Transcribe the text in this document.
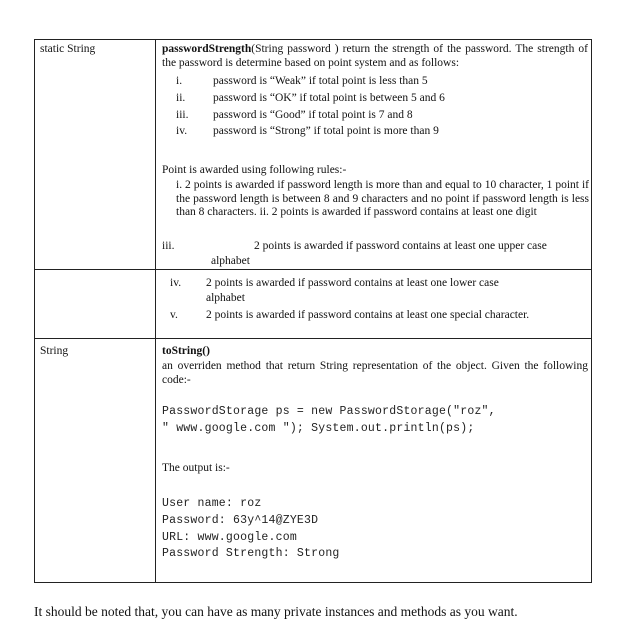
static String	passwordStrength(String password ) return the strength of the password. The strength of the password is determine based on point system and as follows:
i.	password is “Weak” if total point is less than 5
ii.	password is “OK” if total point is between 5 and 6
iii.	password is “Good” if total point is 7 and 8
iv.	password is “Strong” if total point is more than 9
Point is awarded using following rules:-
i. 2 points is awarded if password length is more than and equal to 10 character, 1 point if the password length is between 8 and 9 characters and no point if password length is less than 8 characters. ii. 2 points is awarded if password contains at least one digit
iii.	2 points is awarded if password contains at least one upper case
alphabet
iv.	2 points is awarded if password contains at least one lower case
alphabet
v.	2 points is awarded if password contains at least one special character.
String	toString()
an overriden method that return String representation of the object. Given the following code:-
PasswordStorage ps = new PasswordStorage("roz",
" www.google.com "); System.out.println(ps);
The output is:-
User name: roz
Password: 63y^14@ZYE3D
URL: www.google.com
Password Strength: Strong
It should be noted that, you can have as many private instances and methods as you want.
